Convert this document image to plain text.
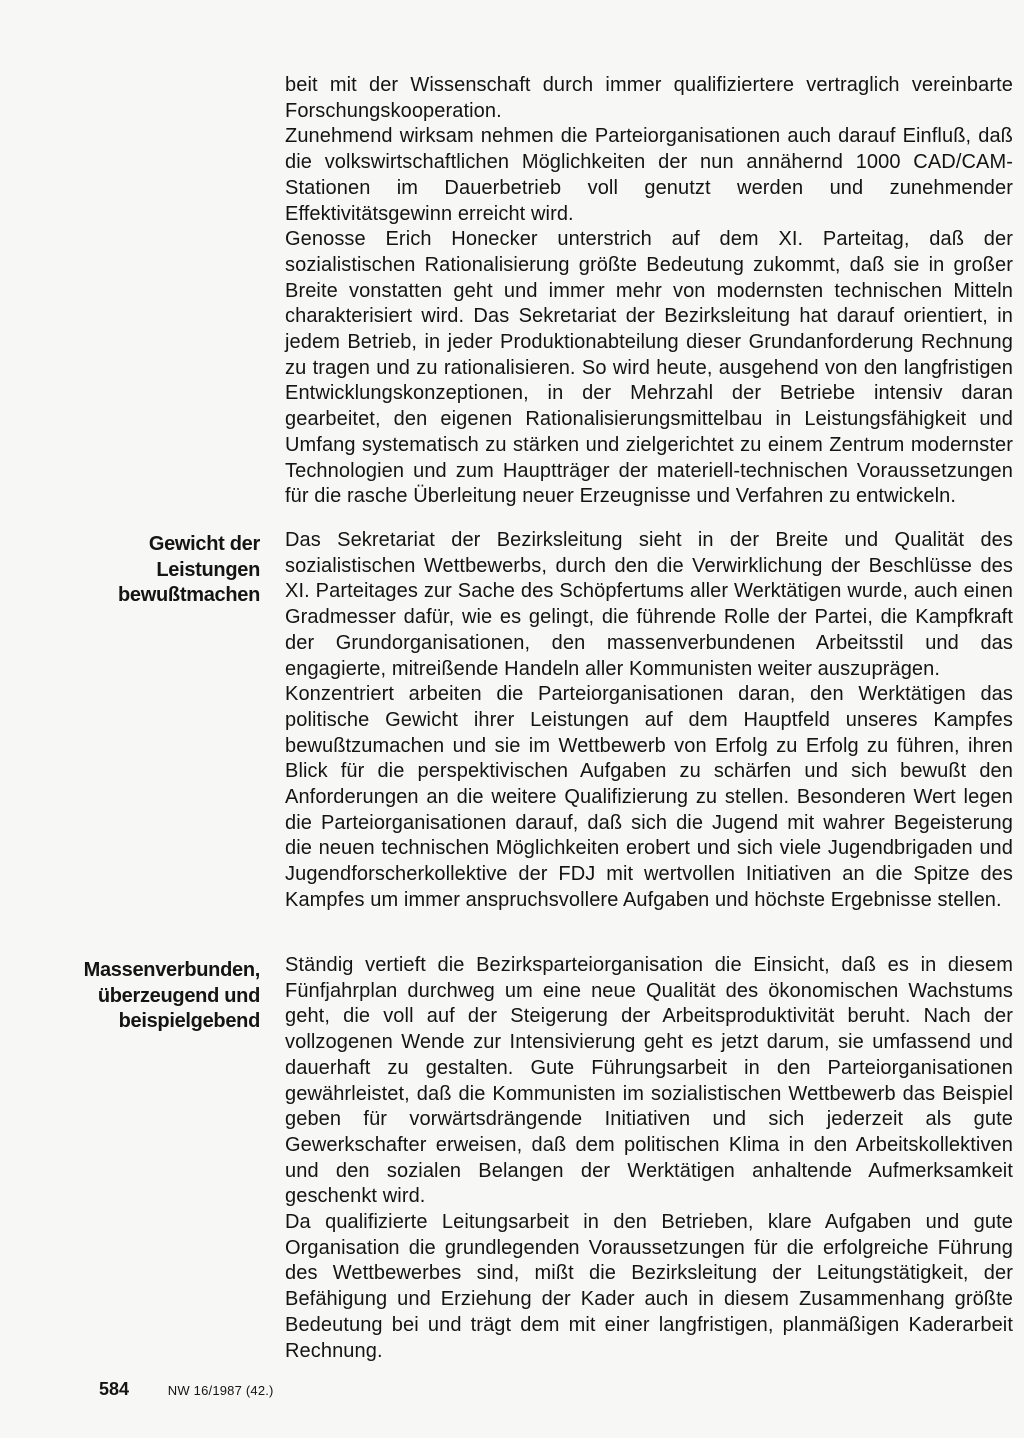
beit mit der Wissenschaft durch immer qualifiziertere vertraglich vereinbarte Forschungskooperation.

Zunehmend wirksam nehmen die Parteiorganisationen auch darauf Einfluß, daß die volkswirtschaftlichen Möglichkeiten der nun annähernd 1000 CAD/CAM-Stationen im Dauerbetrieb voll genutzt werden und zunehmender Effektivitätsgewinn erreicht wird.

Genosse Erich Honecker unterstrich auf dem XI. Parteitag, daß der sozialistischen Rationalisierung größte Bedeutung zukommt, daß sie in großer Breite vonstatten geht und immer mehr von modernsten technischen Mitteln charakterisiert wird. Das Sekretariat der Bezirksleitung hat darauf orientiert, in jedem Betrieb, in jeder Produktionabteilung dieser Grundanforderung Rechnung zu tragen und zu rationalisieren. So wird heute, ausgehend von den langfristigen Entwicklungskonzeptionen, in der Mehrzahl der Betriebe intensiv daran gearbeitet, den eigenen Rationalisierungsmittelbau in Leistungsfähigkeit und Umfang systematisch zu stärken und zielgerichtet zu einem Zentrum modernster Technologien und zum Hauptträger der materiell-technischen Voraussetzungen für die rasche Überleitung neuer Erzeugnisse und Verfahren zu entwickeln.

Gewicht der Leistungen bewußtmachen

Das Sekretariat der Bezirksleitung sieht in der Breite und Qualität des sozialistischen Wettbewerbs, durch den die Verwirklichung der Beschlüsse des XI. Parteitages zur Sache des Schöpfertums aller Werktätigen wurde, auch einen Gradmesser dafür, wie es gelingt, die führende Rolle der Partei, die Kampfkraft der Grundorganisationen, den massenverbundenen Arbeitsstil und das engagierte, mitreißende Handeln aller Kommunisten weiter auszuprägen.

Konzentriert arbeiten die Parteiorganisationen daran, den Werktätigen das politische Gewicht ihrer Leistungen auf dem Hauptfeld unseres Kampfes bewußtzumachen und sie im Wettbewerb von Erfolg zu Erfolg zu führen, ihren Blick für die perspektivischen Aufgaben zu schärfen und sich bewußt den Anforderungen an die weitere Qualifizierung zu stellen. Besonderen Wert legen die Parteiorganisationen darauf, daß sich die Jugend mit wahrer Begeisterung die neuen technischen Möglichkeiten erobert und sich viele Jugendbrigaden und Jugendforscherkollektive der FDJ mit wertvollen Initiativen an die Spitze des Kampfes um immer anspruchsvollere Aufgaben und höchste Ergebnisse stellen.

Massenverbunden, überzeugend und beispielgebend

Ständig vertieft die Bezirksparteiorganisation die Einsicht, daß es in diesem Fünfjahrplan durchweg um eine neue Qualität des ökonomischen Wachstums geht, die voll auf der Steigerung der Arbeitsproduktivität beruht. Nach der vollzogenen Wende zur Intensivierung geht es jetzt darum, sie umfassend und dauerhaft zu gestalten. Gute Führungsarbeit in den Parteiorganisationen gewährleistet, daß die Kommunisten im sozialistischen Wettbewerb das Beispiel geben für vorwärtsdrängende Initiativen und sich jederzeit als gute Gewerkschafter erweisen, daß dem politischen Klima in den Arbeitskollektiven und den sozialen Belangen der Werktätigen anhaltende Aufmerksamkeit geschenkt wird.

Da qualifizierte Leitungsarbeit in den Betrieben, klare Aufgaben und gute Organisation die grundlegenden Voraussetzungen für die erfolgreiche Führung des Wettbewerbes sind, mißt die Bezirksleitung der Leitungstätigkeit, der Befähigung und Erziehung der Kader auch in diesem Zusammenhang größte Bedeutung bei und trägt dem mit einer langfristigen, planmäßigen Kaderarbeit Rechnung.

584	NW 16/1987 (42.)
